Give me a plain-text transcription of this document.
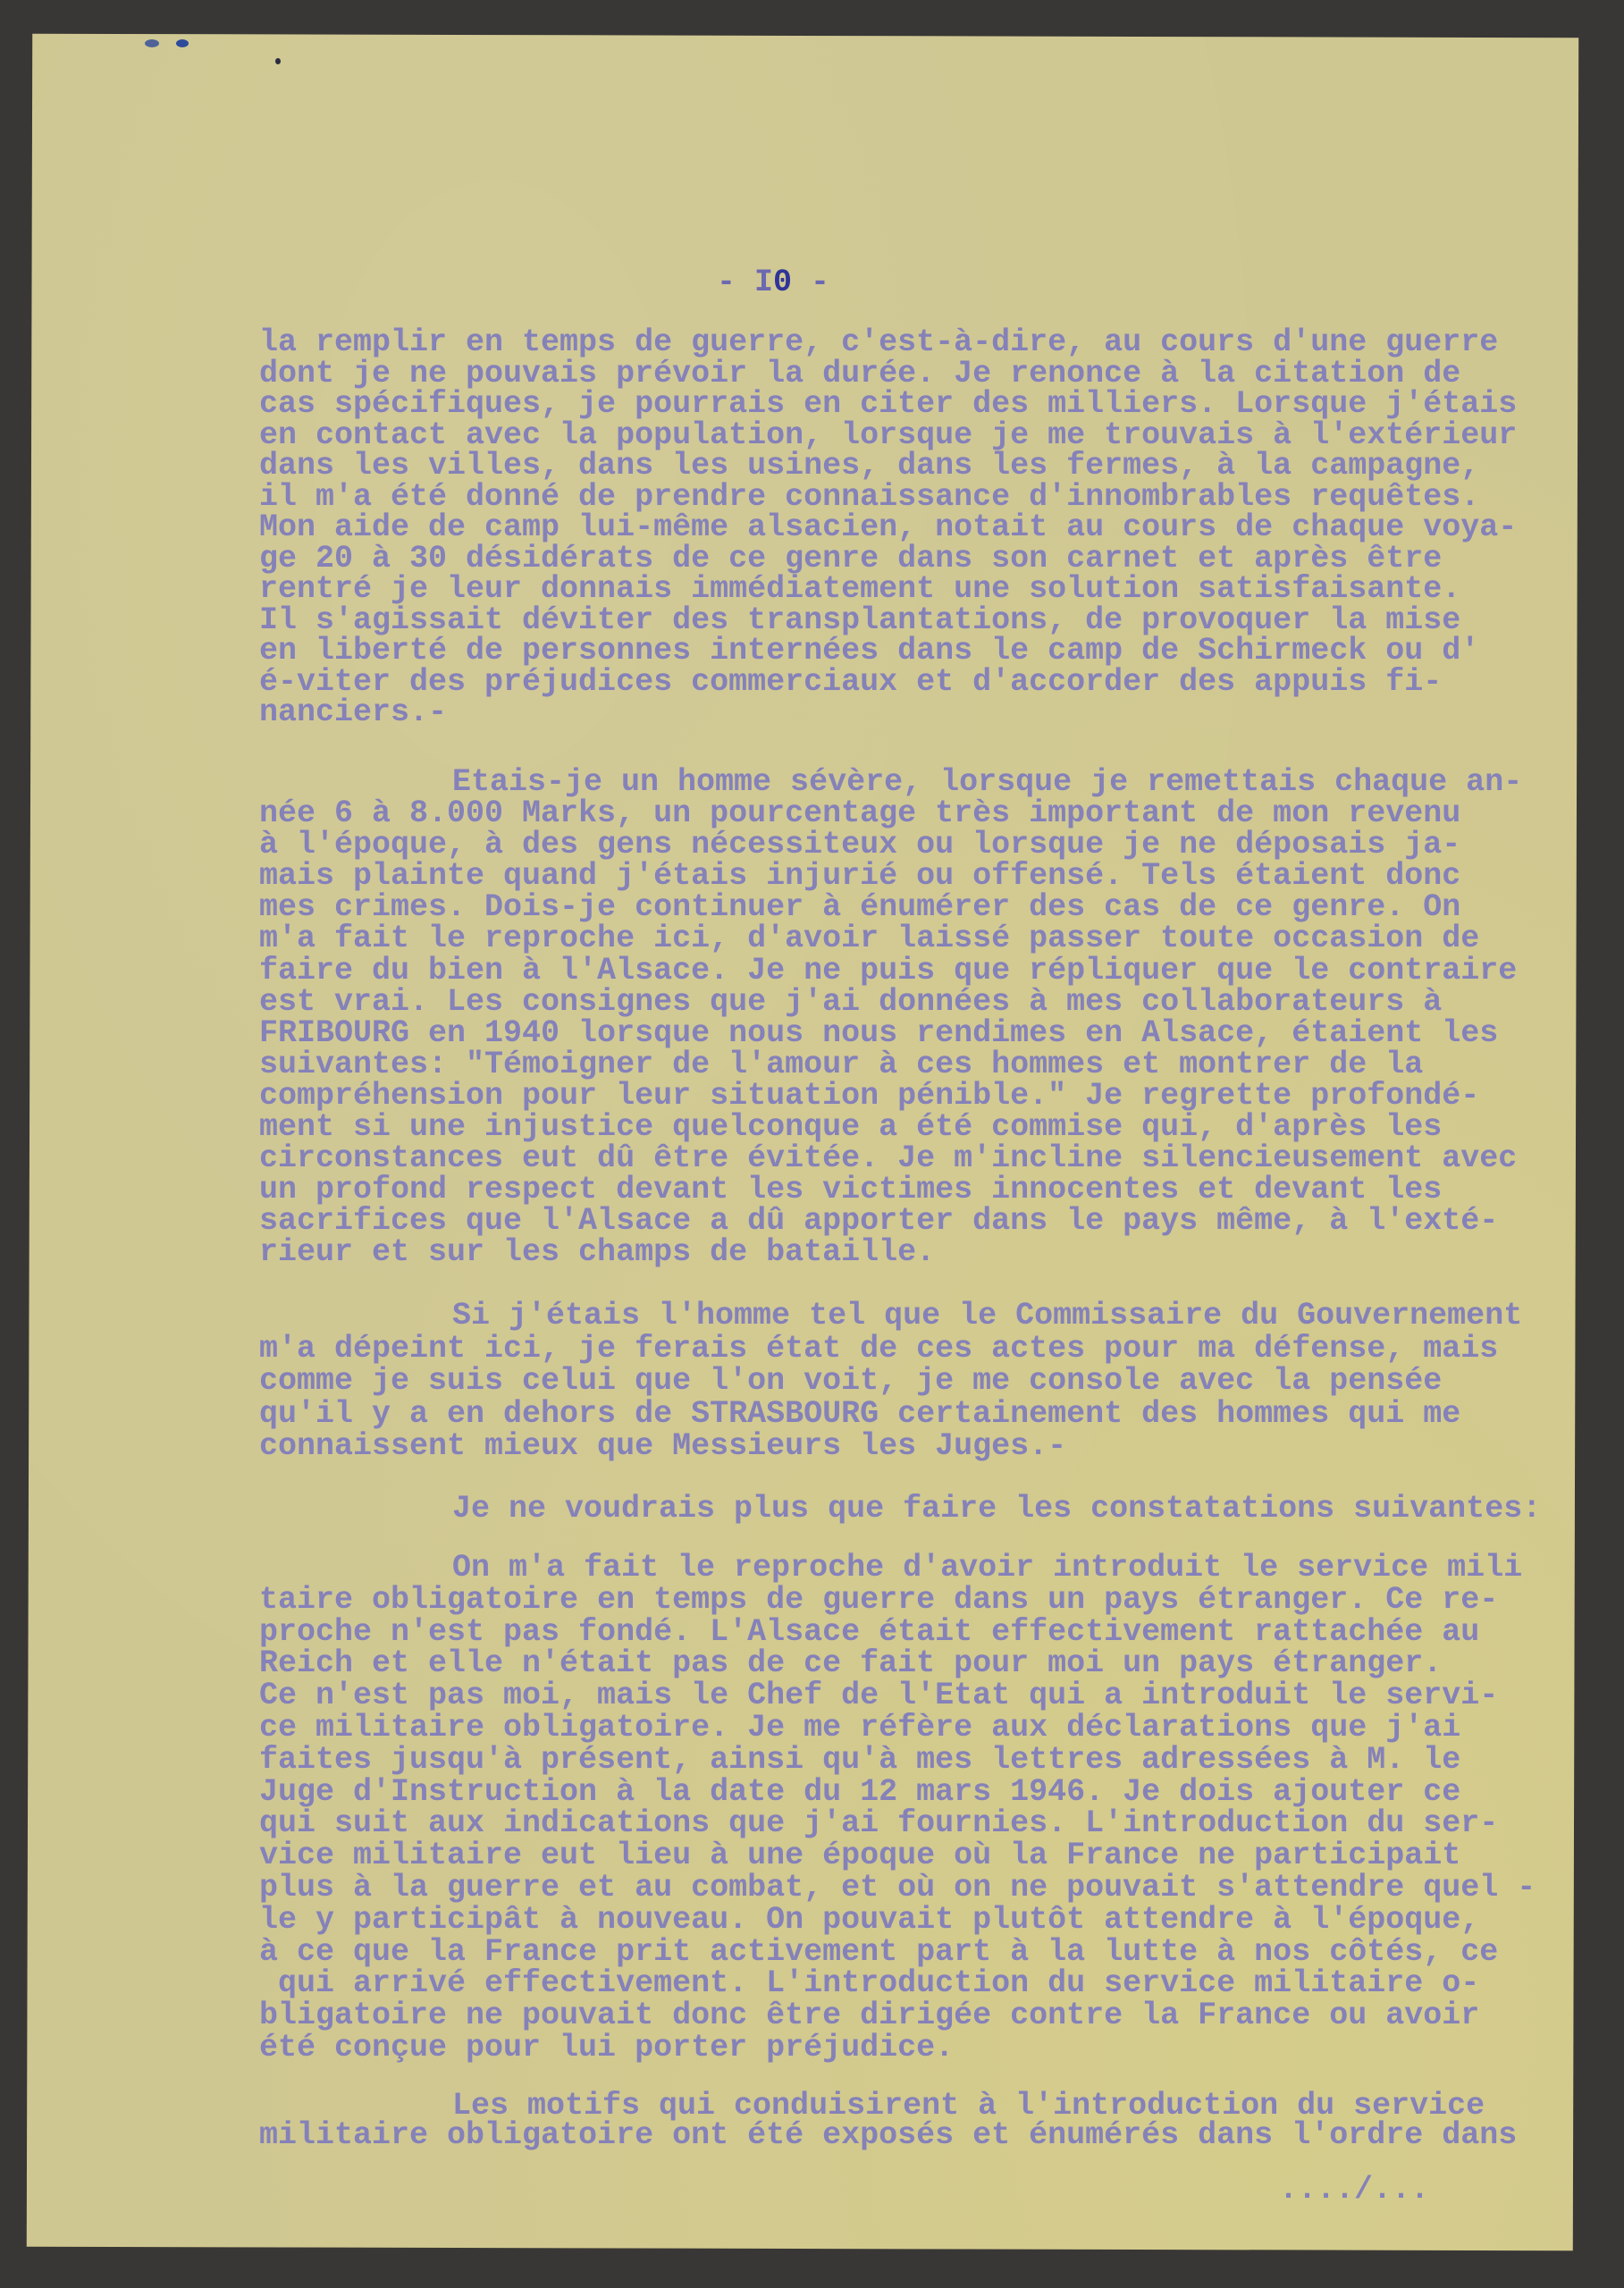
- I0 -
la remplir en temps de guerre, c'est-à-dire, au cours d'une guerre
dont je ne pouvais prévoir la durée. Je renonce à la citation de
cas spécifiques, je pourrais en citer des milliers. Lorsque j'étais
en contact avec la population, lorsque je me trouvais à l'extérieur
dans les villes, dans les usines, dans les fermes, à la campagne,
il m'a été donné de prendre connaissance d'innombrables requêtes.
Mon aide de camp lui-même alsacien, notait au cours de chaque voya-
ge 20 à 30 désidérats de ce genre dans son carnet et après être
rentré je leur donnais immédiatement une solution satisfaisante.
Il s'agissait déviter des transplantations, de provoquer la mise
en liberté de personnes internées dans le camp de Schirmeck ou d'
é-viter des préjudices commerciaux et d'accorder des appuis fi-
nanciers.-
Etais-je un homme sévère, lorsque je remettais chaque an-
née 6 à 8.000 Marks, un pourcentage très important de mon revenu
à l'époque, à des gens nécessiteux ou lorsque je ne déposais ja-
mais plainte quand j'étais injurié ou offensé. Tels étaient donc
mes crimes. Dois-je continuer à énumérer des cas de ce genre. On
m'a fait le reproche ici, d'avoir laissé passer toute occasion de
faire du bien à l'Alsace. Je ne puis que répliquer que le contraire
est vrai. Les consignes que j'ai données à mes collaborateurs à
FRIBOURG en 1940 lorsque nous nous rendimes en Alsace, étaient les
suivantes: "Témoigner de l'amour à ces hommes et montrer de la
compréhension pour leur situation pénible." Je regrette profondé-
ment si une injustice quelconque a été commise qui, d'après les
circonstances eut dû être évitée. Je m'incline silencieusement avec
un profond respect devant les victimes innocentes et devant les
sacrifices que l'Alsace a dû apporter dans le pays même, à l'exté-
rieur et sur les champs de bataille.
Si j'étais l'homme tel que le Commissaire du Gouvernement
m'a dépeint ici, je ferais état de ces actes pour ma défense, mais
comme je suis celui que l'on voit, je me console avec la pensée
qu'il y a en dehors de STRASBOURG certainement des hommes qui me
connaissent mieux que Messieurs les Juges.-
Je ne voudrais plus que faire les constatations suivantes:
On m'a fait le reproche d'avoir introduit le service mili
taire obligatoire en temps de guerre dans un pays étranger. Ce re-
proche n'est pas fondé. L'Alsace était effectivement rattachée au
Reich et elle n'était pas de ce fait pour moi un pays étranger.
Ce n'est pas moi, mais le Chef de l'Etat qui a introduit le servi-
ce militaire obligatoire. Je me réfère aux déclarations que j'ai
faites jusqu'à présent, ainsi qu'à mes lettres adressées à M. le
Juge d'Instruction à la date du 12 mars 1946. Je dois ajouter ce
qui suit aux indications que j'ai fournies. L'introduction du ser-
vice militaire eut lieu à une époque où la France ne participait
plus à la guerre et au combat, et où on ne pouvait s'attendre quel -
le y participât à nouveau. On pouvait plutôt attendre à l'époque,
à ce que la France prit activement part à la lutte à nos côtés, ce
qui arrivé effectivement. L'introduction du service militaire o-
bligatoire ne pouvait donc être dirigée contre la France ou avoir
été conçue pour lui porter préjudice.
Les motifs qui conduisirent à l'introduction du service
militaire obligatoire ont été exposés et énumérés dans l'ordre dans
..../...
